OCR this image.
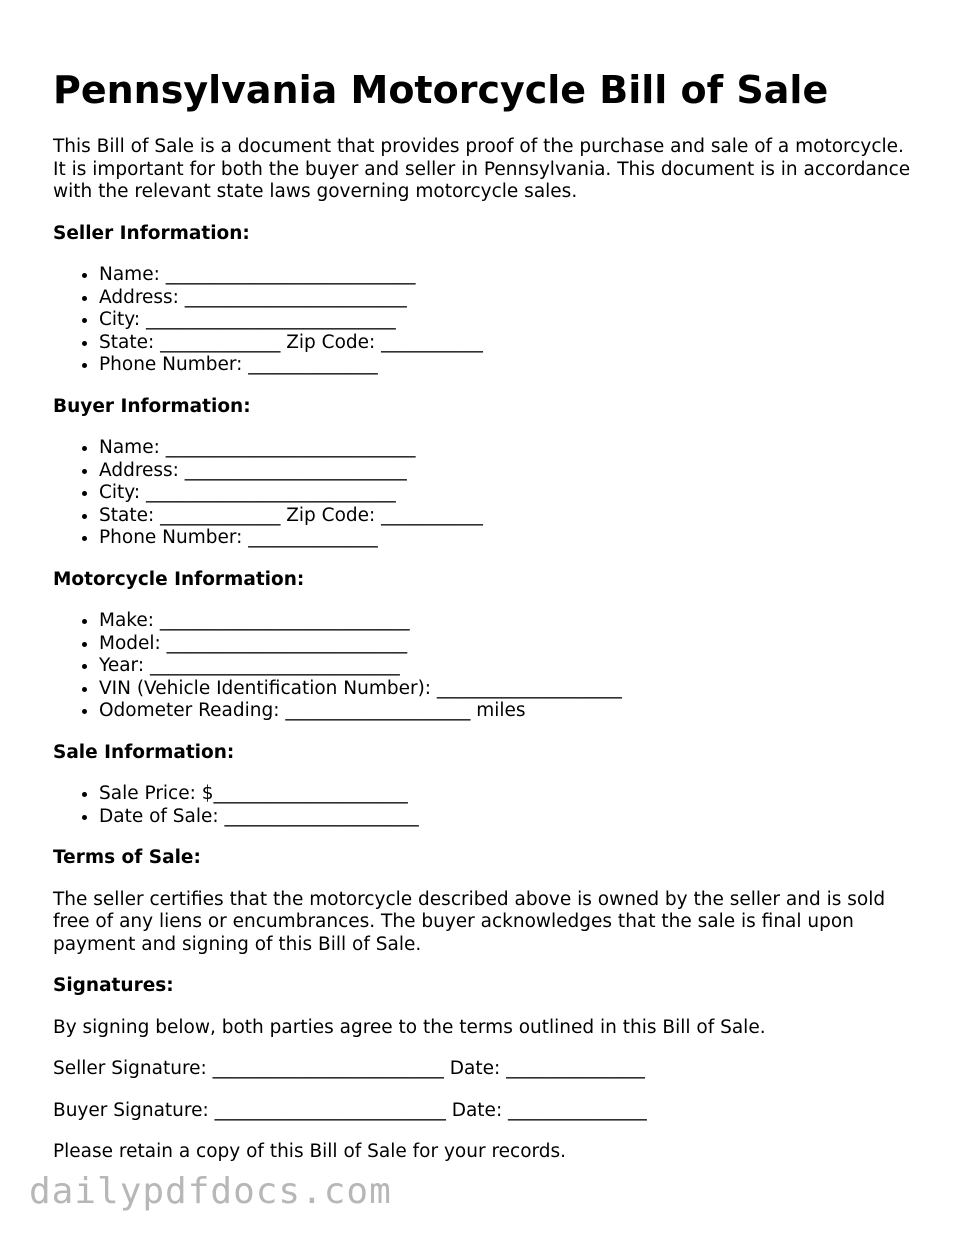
Pennsylvania Motorcycle Bill of Sale

This Bill of Sale is a document that provides proof of the purchase and sale of a motorcycle. It is important for both the buyer and seller in Pennsylvania. This document is in accordance with the relevant state laws governing motorcycle sales.

Seller Information:
• Name: ___________________________
• Address: ________________________
• City: ___________________________
• State: _____________ Zip Code: ___________
• Phone Number: ______________
Buyer Information:
• Name: ___________________________
• Address: ________________________
• City: ___________________________
• State: _____________ Zip Code: ___________
• Phone Number: ______________
Motorcycle Information:
• Make: ___________________________
• Model: __________________________
• Year: ___________________________
• VIN (Vehicle Identification Number): ____________________
• Odometer Reading: ____________________ miles
Sale Information:
• Sale Price: $_____________________
• Date of Sale: _____________________
Terms of Sale:

The seller certifies that the motorcycle described above is owned by the seller and is sold free of any liens or encumbrances. The buyer acknowledges that the sale is final upon payment and signing of this Bill of Sale.

Signatures:

By signing below, both parties agree to the terms outlined in this Bill of Sale.

Seller Signature: _________________________ Date: _______________

Buyer Signature: _________________________ Date: _______________

Please retain a copy of this Bill of Sale for your records.

dailypdfdocs.com
